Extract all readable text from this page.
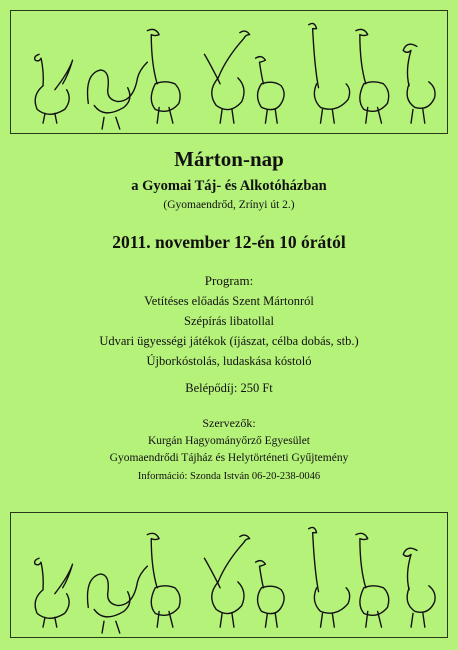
Márton-nap
a Gyomai Táj- és Alkotóházban
(Gyomaendrőd, Zrínyi út 2.)
2011. november 12-én 10 órától
Program:
Vetítéses előadás Szent Mártonról
Szépírás libatollal
Udvari ügyességi játékok (íjászat, célba dobás, stb.)
Újborkóstolás, ludaskása kóstoló
Belépődíj: 250 Ft
Szervezők:
Kurgán Hagyományőrző Egyesület
Gyomaendrődi Tájház és Helytörténeti Gyűjtemény
Információ: Szonda István 06-20-238-0046
